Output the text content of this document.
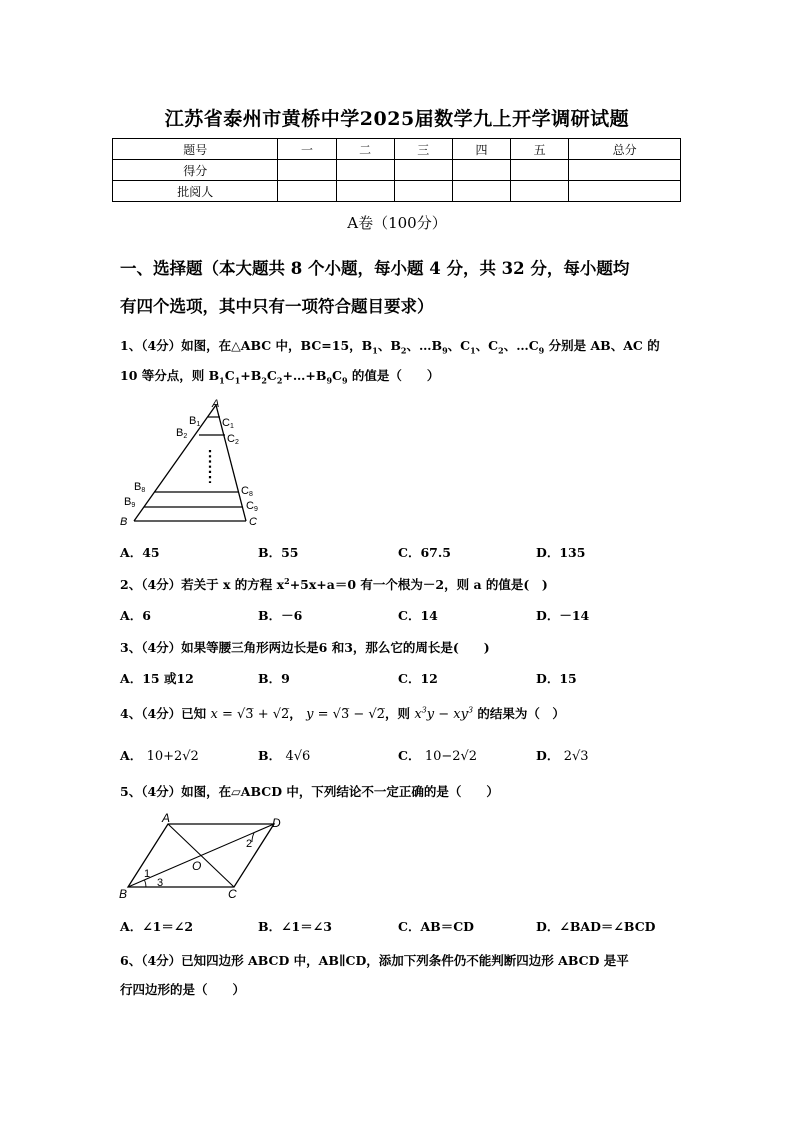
江苏省泰州市黄桥中学2025届数学九上开学调研试题
题号	一	二	三	四	五	总分
得分						
批阅人						
A卷（100分）
一、选择题（本大题共 8 个小题，每小题 4 分，共 32 分，每小题均
有四个选项，其中只有一项符合题目要求）
1、（4分）如图，在△ABC 中，BC=15，$B_1$、$B_2$、$\dots B_9$、$C_1$、$C_2$、$\dots C_9$ 分别是 AB、AC 的
10 等分点，则 $B_1C_1+B_2C_2+\dots+B_9C_9$ 的值是（　　）
A
B1 C1
B2	C2
B8	C8
B9	C9
B	C
A．45	B．55	C．67.5	D．135
2、（4分）若关于 x 的方程 $x^2+5x+a=0$ 有一个根为－2，则 a 的值是(　)
A．6	B．－6	C．14	D．－14
3、（4分）如果等腰三角形两边长是6 和3，那么它的周长是(　　)
A．15 或12	B．9	C．12	D．15
4、（4分）已知 x = √3̅ + √2̅， y = √3̅ − √2̅，则 $x^3y - xy^3$ 的结果为（　）
A． 10+2√2	B． 4√6	C． 10−2√2	D． 2√3
5、（4分）如图，在▱ABCD 中，下列结论不一定正确的是（　　）
A	D
B	C
O
1
2
3
A．∠1＝∠2	B．∠1＝∠3	C．AB＝CD	D．∠BAD＝∠BCD
6、（4分）已知四边形 ABCD 中，AB∥CD，添加下列条件仍不能判断四边形 ABCD 是平
行四边形的是（　　）
